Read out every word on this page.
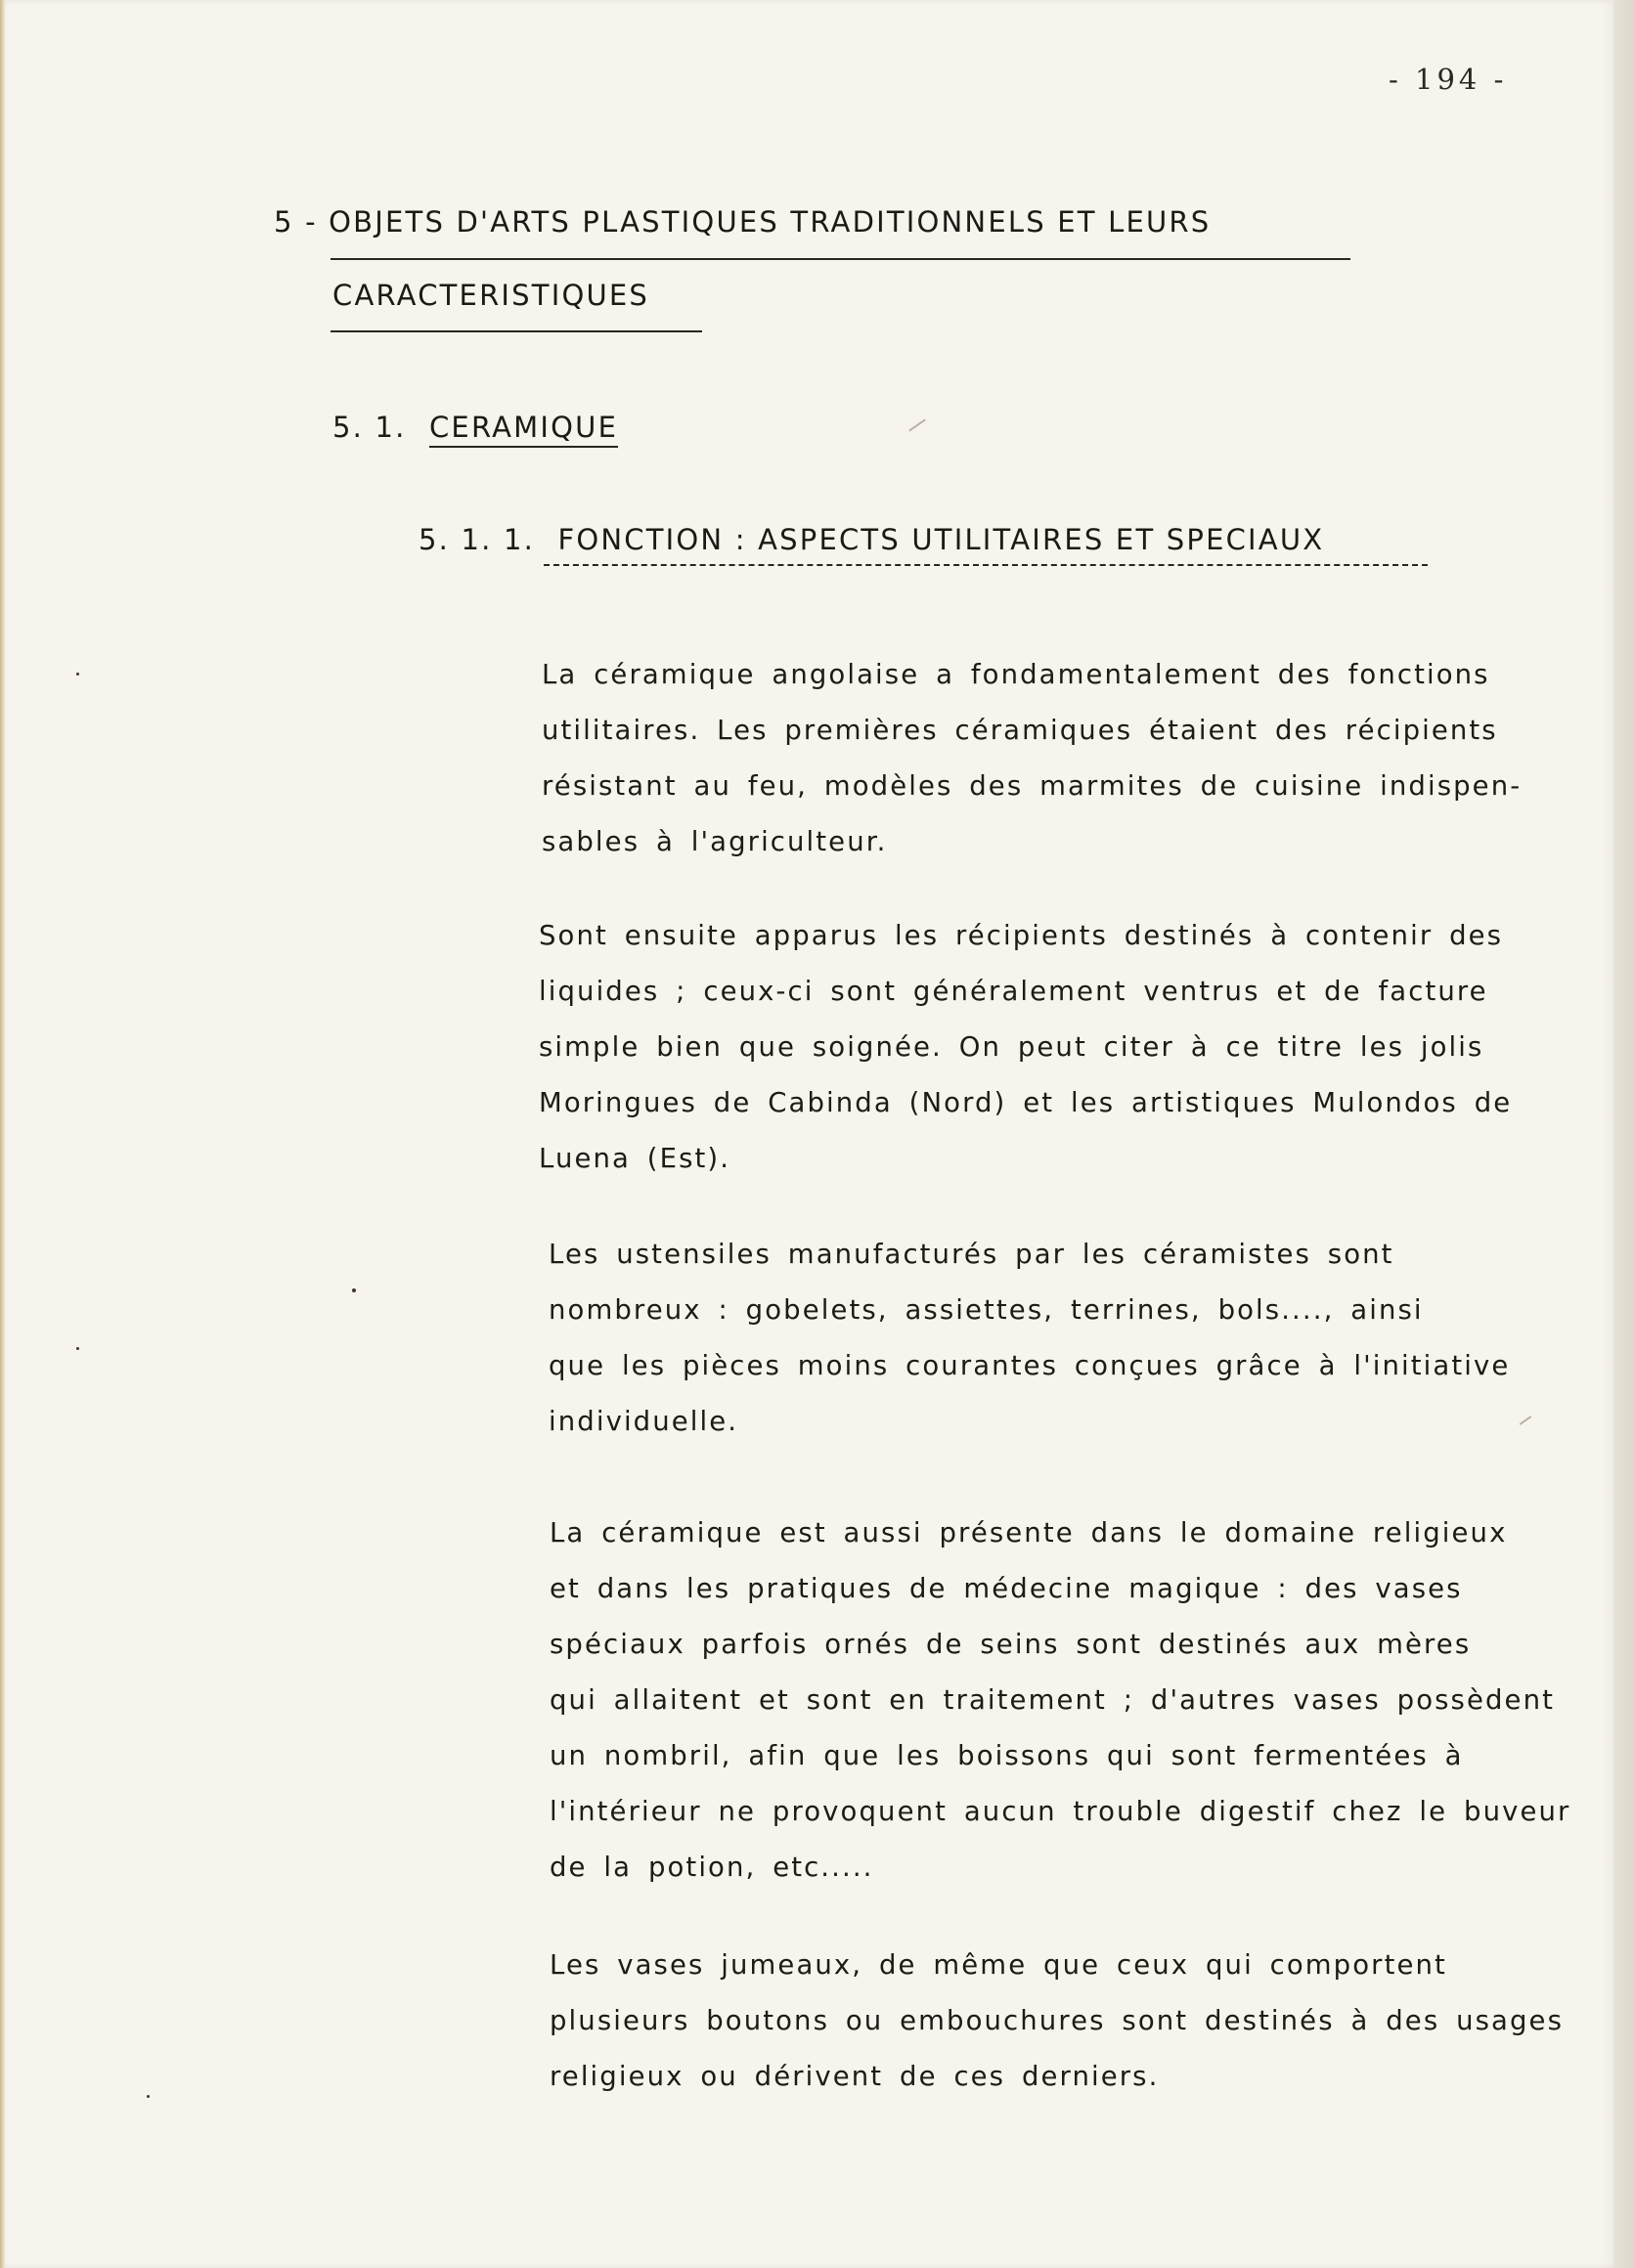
- 194 -
5 - OBJETS D'ARTS PLASTIQUES TRADITIONNELS ET LEURS
CARACTERISTIQUES
5. 1. CERAMIQUE
5. 1. 1. FONCTION : ASPECTS UTILITAIRES ET SPECIAUX
La céramique angolaise a fondamentalement des fonctions
utilitaires. Les premières céramiques étaient des récipients
résistant au feu, modèles des marmites de cuisine indispen-
sables à l'agriculteur.
Sont ensuite apparus les récipients destinés à contenir des
liquides ; ceux-ci sont généralement ventrus et de facture
simple bien que soignée. On peut citer à ce titre les jolis
Moringues de Cabinda (Nord) et les artistiques Mulondos de
Luena (Est).
Les ustensiles manufacturés par les céramistes sont
nombreux : gobelets, assiettes, terrines, bols...., ainsi
que les pièces moins courantes conçues grâce à l'initiative
individuelle.
La céramique est aussi présente dans le domaine religieux
et dans les pratiques de médecine magique : des vases
spéciaux parfois ornés de seins sont destinés aux mères
qui allaitent et sont en traitement ; d'autres vases possèdent
un nombril, afin que les boissons qui sont fermentées à
l'intérieur ne provoquent aucun trouble digestif chez le buveur
de la potion, etc.....
Les vases jumeaux, de même que ceux qui comportent
plusieurs boutons ou embouchures sont destinés à des usages
religieux ou dérivent de ces derniers.
